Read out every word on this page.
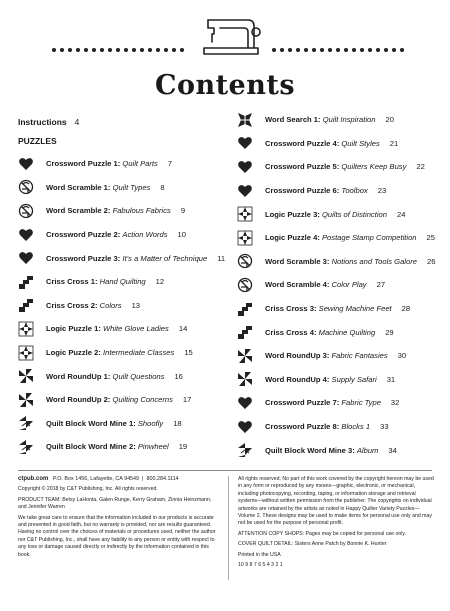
Contents
Instructions 4
PUZZLES
Crossword Puzzle 1:
Quilt Parts 7
Word Scramble 1:
Quilt Types 8
Word Scramble 2:
Fabulous Fabrics 9
Crossword Puzzle 2:
Action Words 10
Crossword Puzzle 3:
It’s a Matter of Technique 11
Criss Cross 1:
Hand Quilting 12
Criss Cross 2:
Colors 13
Logic Puzzle 1:
White Glove Ladies 14
Logic Puzzle 2:
Intermediate Classes 15
Word RoundUp 1:
Quilt Questions 16
Word RoundUp 2:
Quilting Concerns 17
Quilt Block Word Mine 1:
Shoofly 18
Quilt Block Word Mine 2:
Pinwheel 19
Word Search 1:
Quilt Inspiration 20
Crossword Puzzle 4:
Quilt Styles 21
Crossword Puzzle 5:
Quilters Keep Busy 22
Crossword Puzzle 6:
Toolbox 23
Logic Puzzle 3:
Quilts of Distinction 24
Logic Puzzle 4:
Postage Stamp Competition 25
Word Scramble 3:
Notions and Tools Galore 26
Word Scramble 4:
Color Play 27
Criss Cross 3:
Sewing Machine Feet 28
Criss Cross 4:
Machine Quilting 29
Word RoundUp 3:
Fabric Fantasies 30
Word RoundUp 4:
Supply Safari 31
Crossword Puzzle 7:
Fabric Type 32
Crossword Puzzle 8:
Blocks 1 33
Quilt Block Word Mine 3:
Album 34
ctpub.com P.O. Box 1456, Lafayette, CA 94549  |  800.284.1114

Copyright © 2018 by C&T Publishing, Inc. All rights reserved.

PRODUCT TEAM: Betsy LaHonta, Galen Runge, Kerry Graham, Zinnia Heinzmann, and Jennifer Warren

We take great care to ensure that the information included in our products is accurate and presented in good faith, but no warranty is provided, nor are results guaranteed. Having no control over the choices of materials or procedures used, neither the author nor C&T Publishing, Inc., shall have any liability to any person or entity with respect to any loss or damage caused directly or indirectly by the information contained in this book.

All rights reserved. No part of this work covered by the copyright hereon may be used in any form or reproduced by any means—graphic, electronic, or mechanical, including photocopying, recording, taping, or information storage and retrieval systems—without written permission from the publisher. The copyrights on individual artworks are retained by the artists as noted in Happy Quilter Variety Puzzles—Volume 2. These designs may be used to make items for personal use only and may not be used for the purpose of personal profit.

ATTENTION COPY SHOPS: Pages may be copied for personal use only.

COVER QUILT DETAIL: Sisters Anne Patch by Bonnie K. Hunter

Printed in the USA

10 9 8 7 6 5 4 3 2 1
